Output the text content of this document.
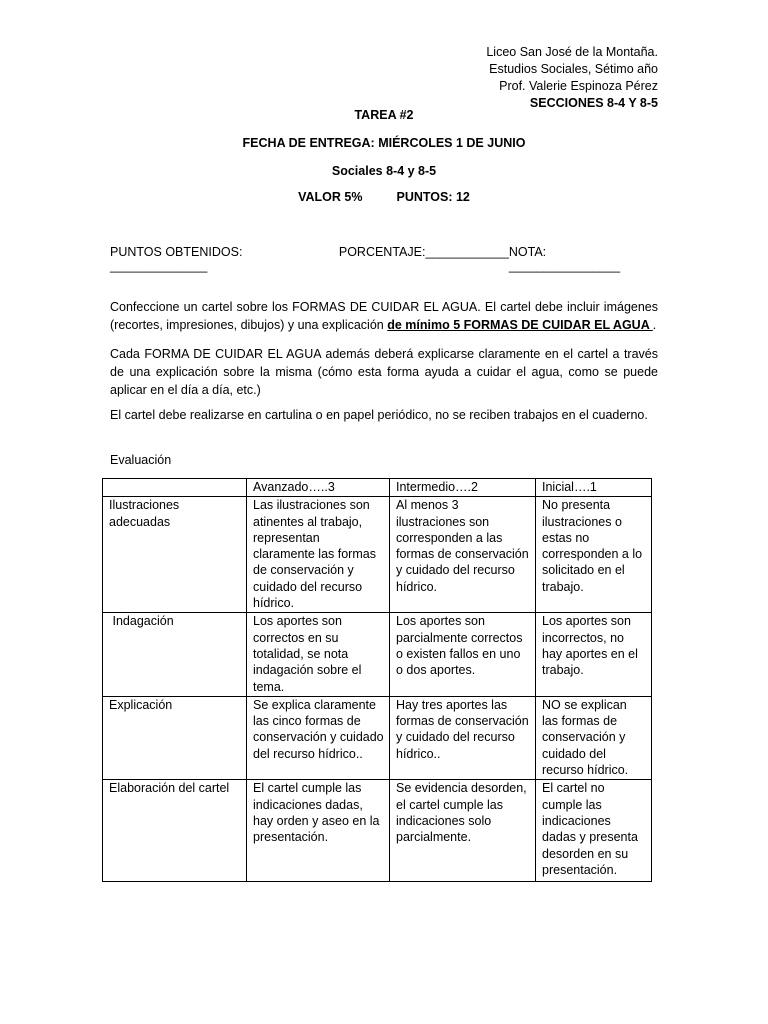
Liceo San José de la Montaña.
Estudios Sociales, Sétimo año
Prof. Valerie Espinoza Pérez
SECCIONES 8-4 Y 8-5
TAREA #2
FECHA DE ENTREGA: MIÉRCOLES 1 DE JUNIO
Sociales 8-4 y 8-5
VALOR 5%	PUNTOS: 12
PUNTOS OBTENIDOS: ______________
PORCENTAJE:____________ NOTA: ________________

Confeccione un cartel sobre los FORMAS DE CUIDAR EL AGUA. El cartel debe incluir imágenes (recortes, impresiones, dibujos) y una explicación de mínimo 5 FORMAS DE CUIDAR EL AGUA .

Cada FORMA DE CUIDAR EL AGUA además deberá explicarse claramente en el cartel a través de una explicación sobre la misma (cómo esta forma ayuda a cuidar el agua, como se puede aplicar en el día a día, etc.)

El cartel debe realizarse en cartulina o en papel periódico, no se reciben trabajos en el cuaderno.

Evaluación
	Avanzado…..3	Intermedio….2	Inicial….1
Ilustraciones adecuadas	Las ilustraciones son atinentes al trabajo, representan claramente las formas de conservación y cuidado del recurso hídrico.	Al menos 3 ilustraciones son corresponden a las formas de conservación y cuidado del recurso hídrico.	No presenta ilustraciones o estas no corresponden a lo solicitado en el trabajo.
Indagación	Los aportes son correctos en su totalidad, se nota indagación sobre el tema.	Los aportes son parcialmente correctos o existen fallos en uno o dos aportes.	Los aportes son incorrectos, no hay aportes en el trabajo.
Explicación	Se explica claramente las cinco formas de conservación y cuidado del recurso hídrico..	Hay tres aportes las formas de conservación y cuidado del recurso hídrico..	NO se explican las formas de conservación y cuidado del recurso hídrico.
Elaboración del cartel	El cartel cumple las indicaciones dadas, hay orden y aseo en la presentación.	Se evidencia desorden, el cartel cumple las indicaciones solo parcialmente.	El cartel no cumple las indicaciones dadas y presenta desorden en su presentación.
